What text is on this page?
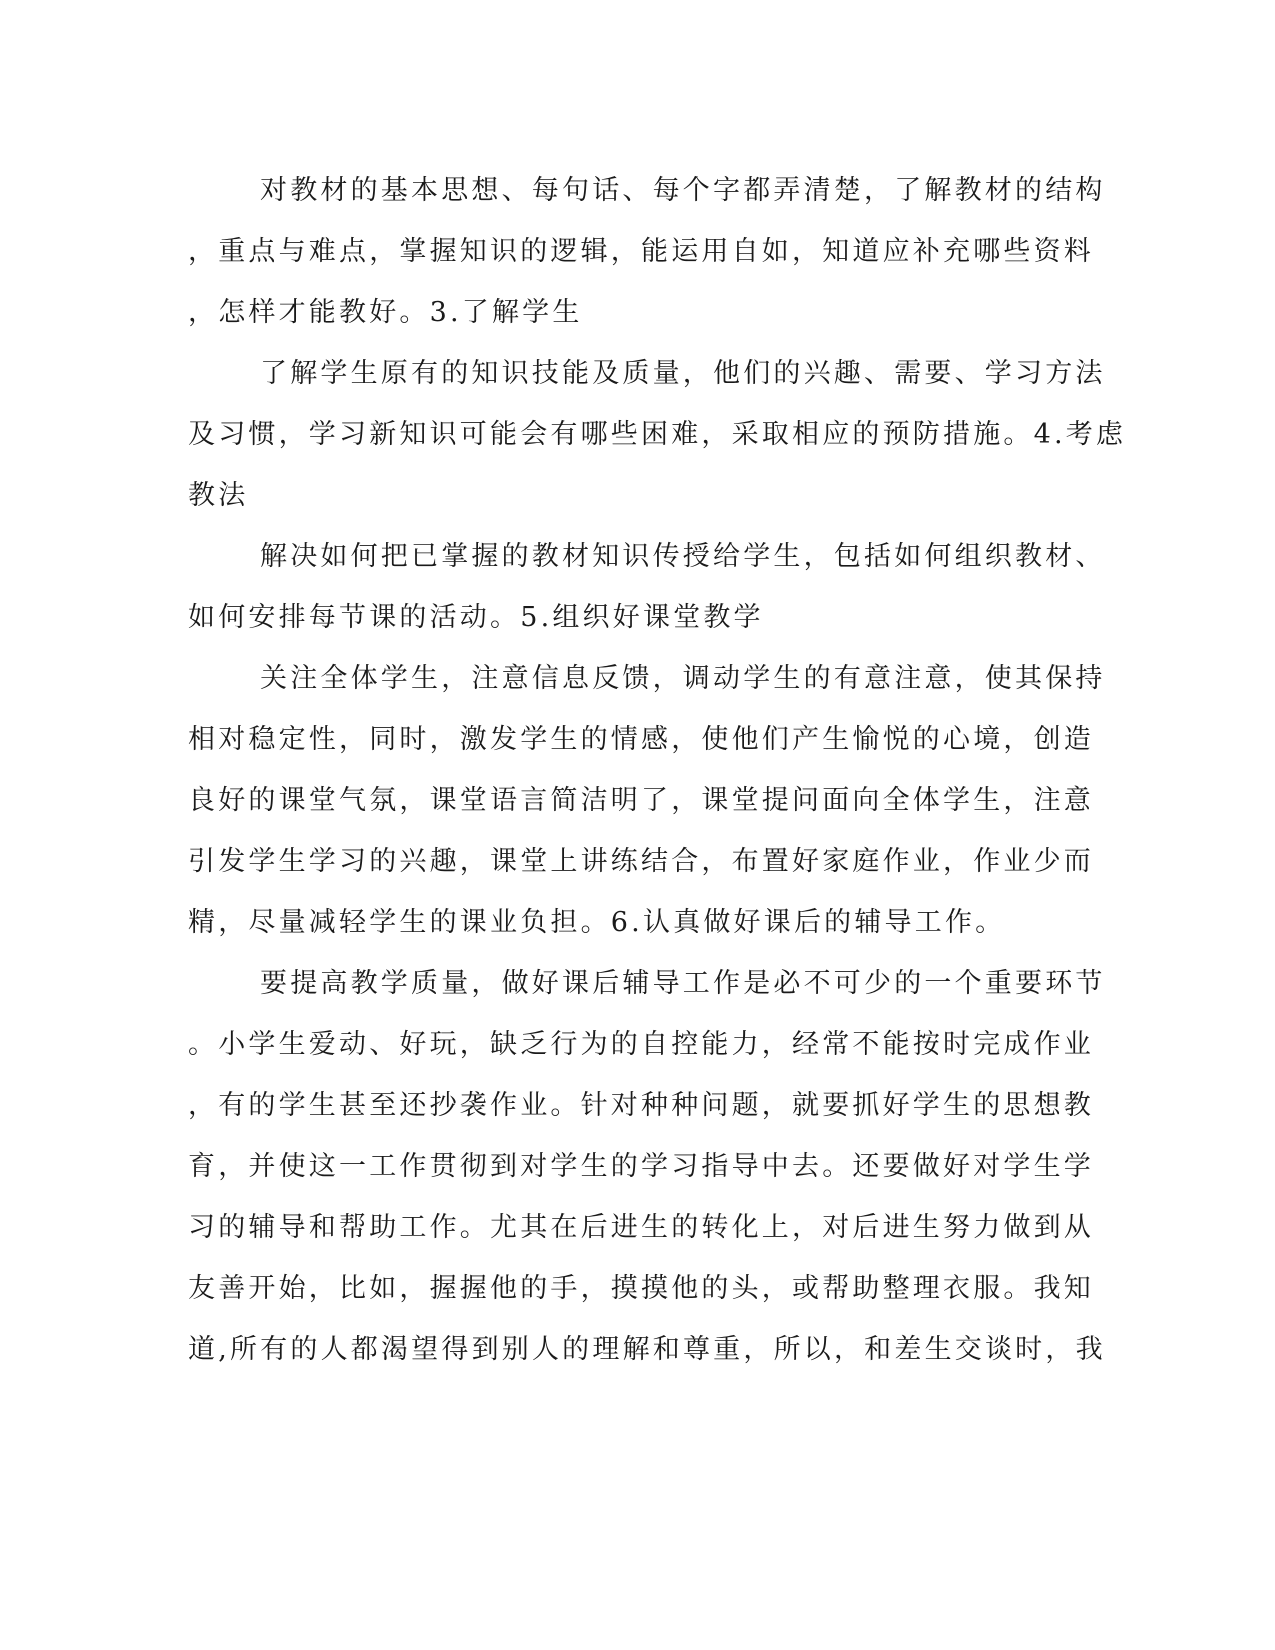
对教材的基本思想、每句话、每个字都弄清楚，了解教材的结构
，重点与难点，掌握知识的逻辑，能运用自如，知道应补充哪些资料
，怎样才能教好。3.了解学生
了解学生原有的知识技能及质量，他们的兴趣、需要、学习方法
及习惯，学习新知识可能会有哪些困难，采取相应的预防措施。4.考虑
教法
解决如何把已掌握的教材知识传授给学生，包括如何组织教材、
如何安排每节课的活动。5.组织好课堂教学
关注全体学生，注意信息反馈，调动学生的有意注意，使其保持
相对稳定性，同时，激发学生的情感，使他们产生愉悦的心境，创造
良好的课堂气氛，课堂语言简洁明了，课堂提问面向全体学生，注意
引发学生学习的兴趣，课堂上讲练结合，布置好家庭作业，作业少而
精，尽量减轻学生的课业负担。6.认真做好课后的辅导工作。
要提高教学质量，做好课后辅导工作是必不可少的一个重要环节
。小学生爱动、好玩，缺乏行为的自控能力，经常不能按时完成作业
，有的学生甚至还抄袭作业。针对种种问题，就要抓好学生的思想教
育，并使这一工作贯彻到对学生的学习指导中去。还要做好对学生学
习的辅导和帮助工作。尤其在后进生的转化上，对后进生努力做到从
友善开始，比如，握握他的手，摸摸他的头，或帮助整理衣服。我知
道,所有的人都渴望得到别人的理解和尊重，所以，和差生交谈时，我
